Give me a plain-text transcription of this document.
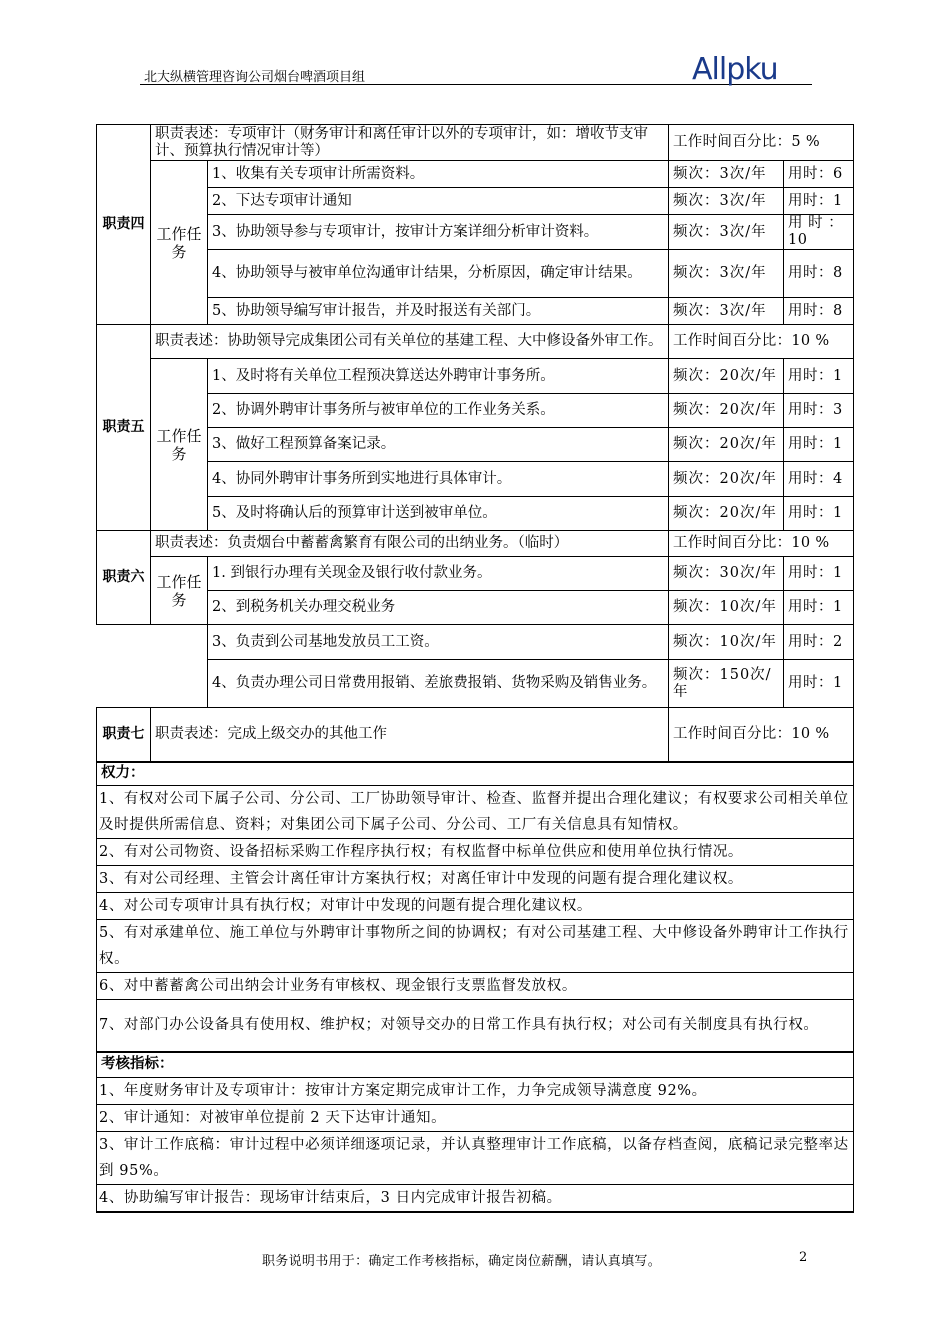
北大纵横管理咨询公司烟台啤酒项目组	Allpku
职责四	职责表述：专项审计（财务审计和离任审计以外的专项审计，如：增收节支审计、预算执行情况审计等）		工作时间百分比：5 %	
	工作任务	1、收集有关专项审计所需资料。	频次：3次/年	用时：6
		2、下达专项审计通知	频次：3次/年	用时：1
		3、协助领导参与专项审计，按审计方案详细分析审计资料。	频次：3次/年	用 时 ：10
		4、协助领导与被审单位沟通审计结果，分析原因，确定审计结果。	频次：3次/年	用时：8
		5、协助领导编写审计报告，并及时报送有关部门。	频次：3次/年	用时：8
职责五	职责表述：协助领导完成集团公司有关单位的基建工程、大中修设备外审工作。		工作时间百分比：10 %	
	工作任务	1、及时将有关单位工程预决算送达外聘审计事务所。	频次：20次/年	用时：1
		2、协调外聘审计事务所与被审单位的工作业务关系。	频次：20次/年	用时：3
		3、做好工程预算备案记录。	频次：20次/年	用时：1
		4、协同外聘审计事务所到实地进行具体审计。	频次：20次/年	用时：4
		5、及时将确认后的预算审计送到被审单位。	频次：20次/年	用时：1
职责六	职责表述：负责烟台中蓄蓄禽繁育有限公司的出纳业务。（临时）		工作时间百分比：10 %	
	工作任务	1. 到银行办理有关现金及银行收付款业务。	频次：30次/年	用时：1
		2、到税务机关办理交税业务	频次：10次/年	用时：1
		3、负责到公司基地发放员工工资。	频次：10次/年	用时：2
		4、负责办理公司日常费用报销、差旅费报销、货物采购及销售业务。	频次：150次/年	用时：1
职责七	职责表述：完成上级交办的其他工作		工作时间百分比：10 %	
权力：				
1、有权对公司下属子公司、分公司、工厂协助领导审计、检查、监督并提出合理化建议；有权要求公司相关单位及时提供所需信息、资料；对集团公司下属子公司、分公司、工厂有关信息具有知情权。				
2、有对公司物资、设备招标采购工作程序执行权；有权监督中标单位供应和使用单位执行情况。				
3、有对公司经理、主管会计离任审计方案执行权；对离任审计中发现的问题有提合理化建议权。				
4、对公司专项审计具有执行权；对审计中发现的问题有提合理化建议权。				
5、有对承建单位、施工单位与外聘审计事物所之间的协调权；有对公司基建工程、大中修设备外聘审计工作执行权。				
6、对中蓄蓄禽公司出纳会计业务有审核权、现金银行支票监督发放权。				
7、对部门办公设备具有使用权、维护权；对领导交办的日常工作具有执行权；对公司有关制度具有执行权。				
考核指标：				
1、年度财务审计及专项审计：按审计方案定期完成审计工作，力争完成领导满意度 92%。				
2、审计通知：对被审单位提前 2 天下达审计通知。				
3、审计工作底稿：审计过程中必须详细逐项记录，并认真整理审计工作底稿，以备存档查阅，底稿记录完整率达到 95%。				
4、协助编写审计报告：现场审计结束后，3 日内完成审计报告初稿。				
职务说明书用于：确定工作考核指标，确定岗位薪酬，请认真填写。	2
